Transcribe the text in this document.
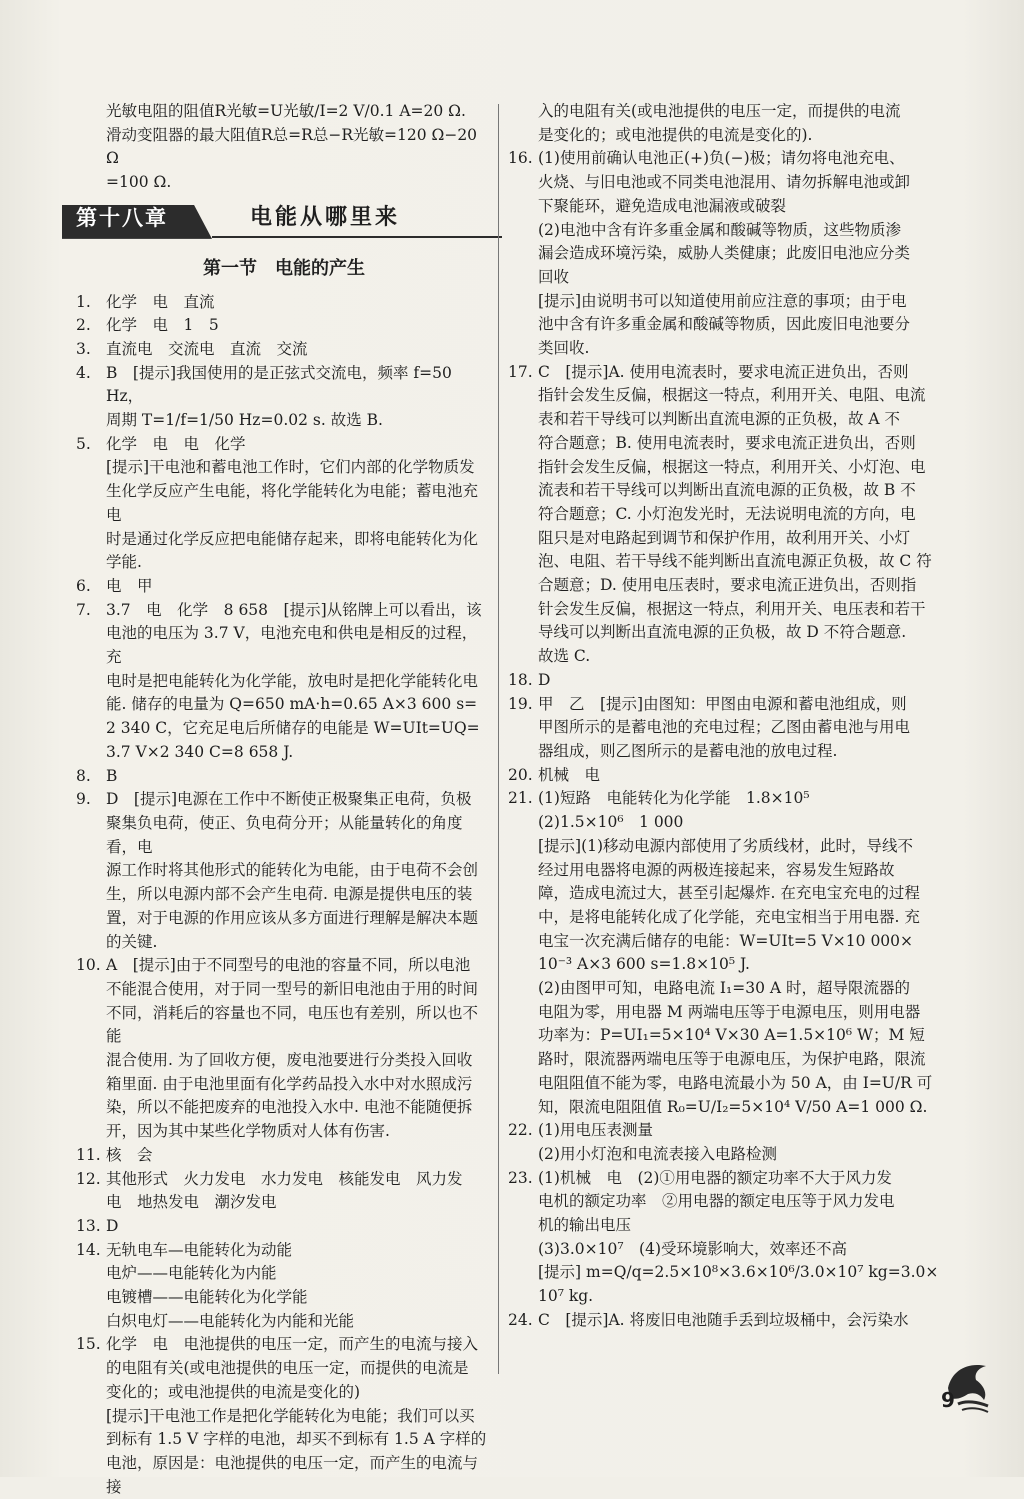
光敏电阻的阻值R光敏=U光敏/I=2 V/0.1 A=20 Ω.
滑动变阻器的最大阻值R总=R总−R光敏=120 Ω−20 Ω
=100 Ω.
第十八章	电能从哪里来
第一节　电能的产生
1. 化学　电　直流
2. 化学　电　1　5
3. 直流电　交流电　直流　交流
4. B　[提示]我国使用的是正弦式交流电，频率 f=50 Hz，
周期 T=1/f=1/50 Hz=0.02 s. 故选 B.
5. 化学　电　电　化学
[提示]干电池和蓄电池工作时，它们内部的化学物质发
生化学反应产生电能，将化学能转化为电能；蓄电池充电
时是通过化学反应把电能储存起来，即将电能转化为化
学能.
6. 电　甲
7. 3.7　电　化学　8 658　[提示]从铭牌上可以看出，该
电池的电压为 3.7 V，电池充电和供电是相反的过程，充
电时是把电能转化为化学能，放电时是把化学能转化电
能. 储存的电量为 Q=650 mA·h=0.65 A×3 600 s=
2 340 C，它充足电后所储存的电能是 W=UIt=UQ=
3.7 V×2 340 C=8 658 J.
8. B
9. D　[提示]电源在工作中不断使正极聚集正电荷，负极
聚集负电荷，使正、负电荷分开；从能量转化的角度看，电
源工作时将其他形式的能转化为电能，由于电荷不会创
生，所以电源内部不会产生电荷. 电源是提供电压的装
置，对于电源的作用应该从多方面进行理解是解决本题
的关键.
10. A　[提示]由于不同型号的电池的容量不同，所以电池
不能混合使用，对于同一型号的新旧电池由于用的时间
不同，消耗后的容量也不同，电压也有差别，所以也不能
混合使用. 为了回收方便，废电池要进行分类投入回收
箱里面. 由于电池里面有化学药品投入水中对水照成污
染，所以不能把废弃的电池投入水中. 电池不能随便拆
开，因为其中某些化学物质对人体有伤害.
11. 核　会
12. 其他形式　火力发电　水力发电　核能发电　风力发
电　地热发电　潮汐发电
13. D
14. 无轨电车—电能转化为动能
电炉——电能转化为内能
电镀槽——电能转化为化学能
白炽电灯——电能转化为内能和光能
15. 化学　电　电池提供的电压一定，而产生的电流与接入
的电阻有关(或电池提供的电压一定，而提供的电流是
变化的；或电池提供的电流是变化的)
[提示]干电池工作是把化学能转化为电能；我们可以买
到标有 1.5 V 字样的电池，却买不到标有 1.5 A 字样的
电池，原因是：电池提供的电压一定，而产生的电流与接
入的电阻有关(或电池提供的电压一定，而提供的电流
是变化的；或电池提供的电流是变化的).
16. (1)使用前确认电池正(+)负(−)极；请勿将电池充电、
火烧、与旧电池或不同类电池混用、请勿拆解电池或卸
下聚能环，避免造成电池漏液或破裂
(2)电池中含有许多重金属和酸碱等物质，这些物质渗
漏会造成环境污染，威胁人类健康；此废旧电池应分类
回收
[提示]由说明书可以知道使用前应注意的事项；由于电
池中含有许多重金属和酸碱等物质，因此废旧电池要分
类回收.
17. C　[提示]A. 使用电流表时，要求电流正进负出，否则
指针会发生反偏，根据这一特点，利用开关、电阻、电流
表和若干导线可以判断出直流电源的正负极，故 A 不
符合题意；B. 使用电流表时，要求电流正进负出，否则
指针会发生反偏，根据这一特点，利用开关、小灯泡、电
流表和若干导线可以判断出直流电源的正负极，故 B 不
符合题意；C. 小灯泡发光时，无法说明电流的方向，电
阻只是对电路起到调节和保护作用，故利用开关、小灯
泡、电阻、若干导线不能判断出直流电源正负极，故 C 符
合题意；D. 使用电压表时，要求电流正进负出，否则指
针会发生反偏，根据这一特点，利用开关、电压表和若干
导线可以判断出直流电源的正负极，故 D 不符合题意.
故选 C.
18. D
19. 甲　乙　[提示]由图知：甲图由电源和蓄电池组成，则
甲图所示的是蓄电池的充电过程；乙图由蓄电池与用电
器组成，则乙图所示的是蓄电池的放电过程.
20. 机械　电
21. (1)短路　电能转化为化学能　1.8×10⁵
(2)1.5×10⁶　1 000
[提示](1)移动电源内部使用了劣质线材，此时，导线不
经过用电器将电源的两极连接起来，容易发生短路故
障，造成电流过大，甚至引起爆炸. 在充电宝充电的过程
中，是将电能转化成了化学能，充电宝相当于用电器. 充
电宝一次充满后储存的电能：W=UIt=5 V×10 000×
10⁻³ A×3 600 s=1.8×10⁵ J.
(2)由图甲可知，电路电流 I₁=30 A 时，超导限流器的
电阻为零，用电器 M 两端电压等于电源电压，则用电器
功率为：P=UI₁=5×10⁴ V×30 A=1.5×10⁶ W；M 短
路时，限流器两端电压等于电源电压，为保护电路，限流
电阻阻值不能为零，电路电流最小为 50 A，由 I=U/R 可
知，限流电阻阻值 R₀=U/I₂=5×10⁴ V/50 A=1 000 Ω.
22. (1)用电压表测量
(2)用小灯泡和电流表接入电路检测
23. (1)机械　电　(2)①用电器的额定功率不大于风力发
电机的额定功率　②用电器的额定电压等于风力发电
机的输出电压
(3)3.0×10⁷　(4)受环境影响大，效率还不高
[提示] m=Q/q=2.5×10⁸×3.6×10⁶/3.0×10⁷ kg=3.0×
10⁷ kg.
24. C　[提示]A. 将废旧电池随手丢到垃圾桶中，会污染水
9
